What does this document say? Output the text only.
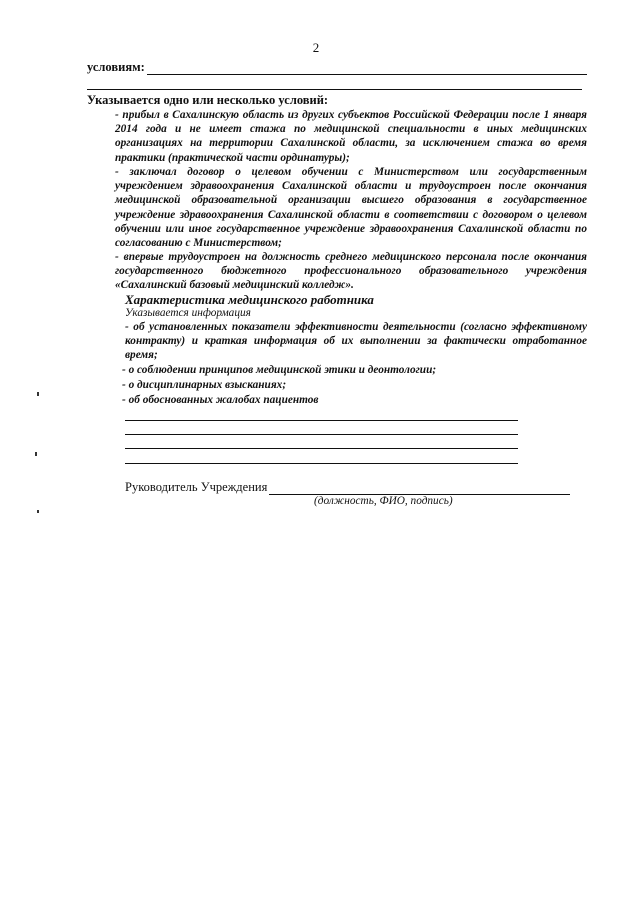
2
условиям:
Указывается одно или несколько условий:
- прибыл в Сахалинскую область из других субъектов Российской Федерации после 1 января 2014 года и не имеет стажа по медицинской специальности в иных медицинских организациях на территории Сахалинской области, за исключением стажа во время практики (практической части ординатуры);
- заключал договор о целевом обучении с Министерством или государственным учреждением здравоохранения Сахалинской области и трудоустроен после окончания медицинской образовательной организации высшего образования в государственное учреждение здравоохранения Сахалинской области в соответствии с договором о целевом обучении или иное государственное учреждение здравоохранения Сахалинской области по согласованию с Министерством;
- впервые трудоустроен на должность среднего медицинского персонала после окончания государственного бюджетного профессионального образовательного учреждения «Сахалинский базовый медицинский колледж».
Характеристика медицинского работника
Указывается информация
- об установленных показатели эффективности деятельности (согласно эффективному контракту) и краткая информация об их выполнении за фактически отработанное время;
- о соблюдении принципов медицинской этики и деонтологии;
- о дисциплинарных взысканиях;
- об обоснованных жалобах пациентов
Руководитель Учреждения
(должность, ФИО, подпись)
